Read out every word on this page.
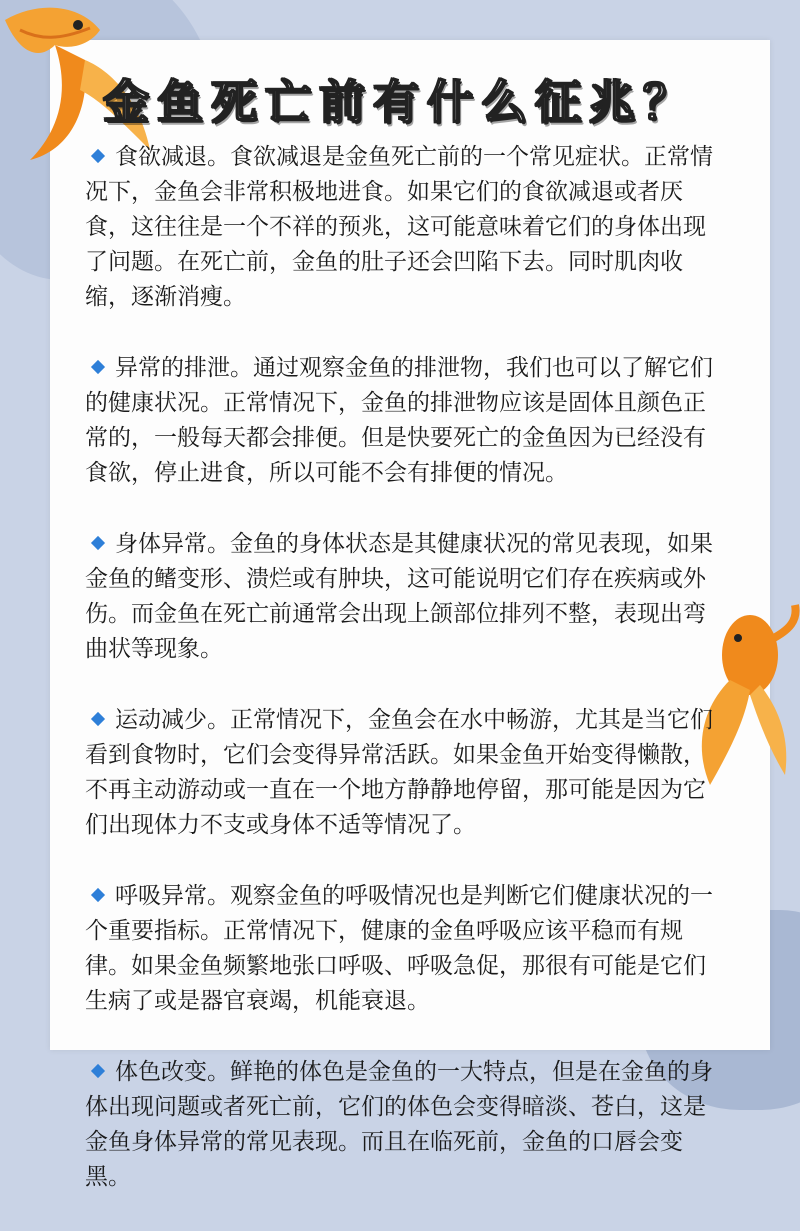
金鱼死亡前有什么征兆？

食欲减退。食欲减退是金鱼死亡前的一个常见症状。正常情况下，金鱼会非常积极地进食。如果它们的食欲减退或者厌食，这往往是一个不祥的预兆，这可能意味着它们的身体出现了问题。在死亡前，金鱼的肚子还会凹陷下去。同时肌肉收缩，逐渐消瘦。

异常的排泄。通过观察金鱼的排泄物，我们也可以了解它们的健康状况。正常情况下，金鱼的排泄物应该是固体且颜色正常的，一般每天都会排便。但是快要死亡的金鱼因为已经没有食欲，停止进食，所以可能不会有排便的情况。

身体异常。金鱼的身体状态是其健康状况的常见表现，如果金鱼的鳍变形、溃烂或有肿块，这可能说明它们存在疾病或外伤。而金鱼在死亡前通常会出现上颌部位排列不整，表现出弯曲状等现象。

运动减少。正常情况下，金鱼会在水中畅游，尤其是当它们看到食物时，它们会变得异常活跃。如果金鱼开始变得懒散，不再主动游动或一直在一个地方静静地停留，那可能是因为它们出现体力不支或身体不适等情况了。

呼吸异常。观察金鱼的呼吸情况也是判断它们健康状况的一个重要指标。正常情况下，健康的金鱼呼吸应该平稳而有规律。如果金鱼频繁地张口呼吸、呼吸急促，那很有可能是它们生病了或是器官衰竭，机能衰退。

体色改变。鲜艳的体色是金鱼的一大特点，但是在金鱼的身体出现问题或者死亡前，它们的体色会变得暗淡、苍白，这是金鱼身体异常的常见表现。而且在临死前，金鱼的口唇会变黑。
